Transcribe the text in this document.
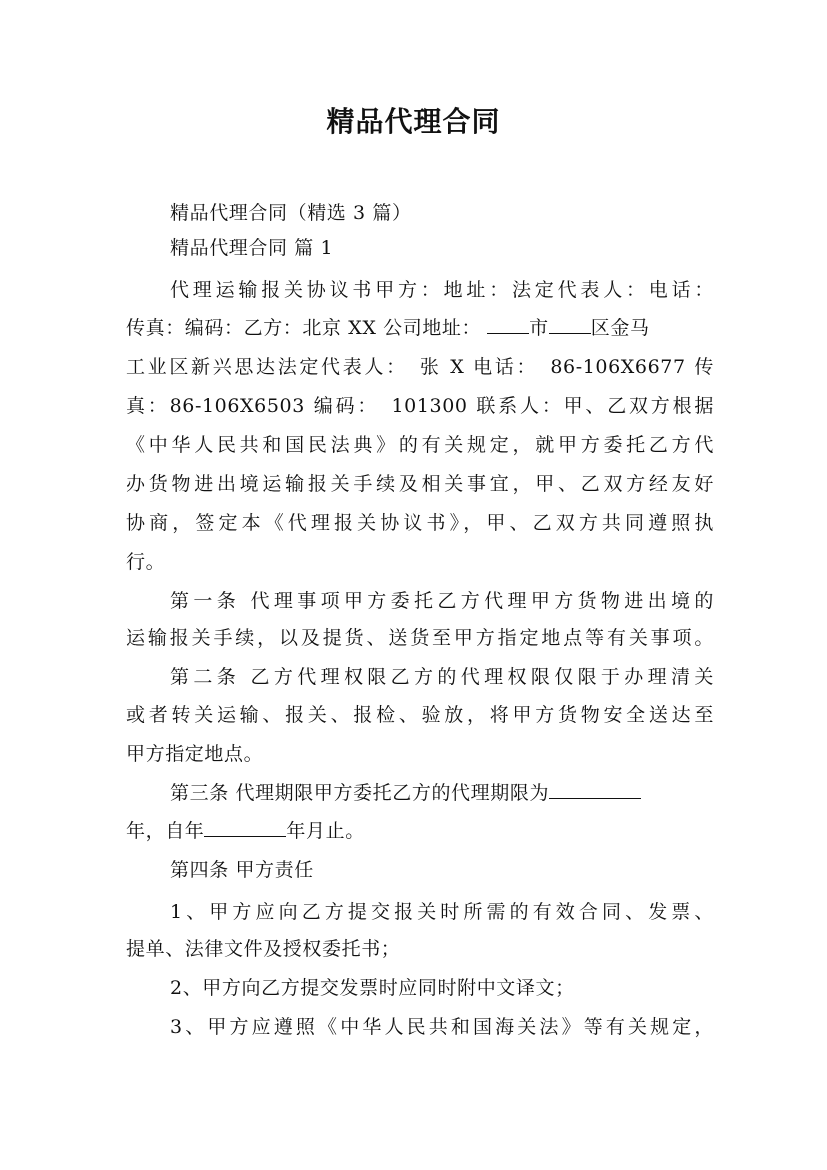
精品代理合同
精品代理合同（精选 3 篇）
精品代理合同 篇 1
代理运输报关协议书甲方：地址：法定代表人：电话：
传真：编码：乙方：北京 XX 公司地址：	市 区金马
工业区新兴思达法定代表人：　张 X 电话：　86-106X6677 传
真：86-106X6503 编码：　101300 联系人：甲、乙双方根据
《中华人民共和国民法典》的有关规定，就甲方委托乙方代
办货物进出境运输报关手续及相关事宜，甲、乙双方经友好
协商，签定本《代理报关协议书》，甲、乙双方共同遵照执
行。
第一条 代理事项甲方委托乙方代理甲方货物进出境的
运输报关手续，以及提货、送货至甲方指定地点等有关事项。
第二条 乙方代理权限乙方的代理权限仅限于办理清关
或者转关运输、报关、报检、验放，将甲方货物安全送达至
甲方指定地点。
第三条 代理期限甲方委托乙方的代理期限为
年，自年	年月止。
第四条 甲方责任
1、甲方应向乙方提交报关时所需的有效合同、发票、
提单、法律文件及授权委托书；
2、甲方向乙方提交发票时应同时附中文译文；
3、甲方应遵照《中华人民共和国海关法》等有关规定，
